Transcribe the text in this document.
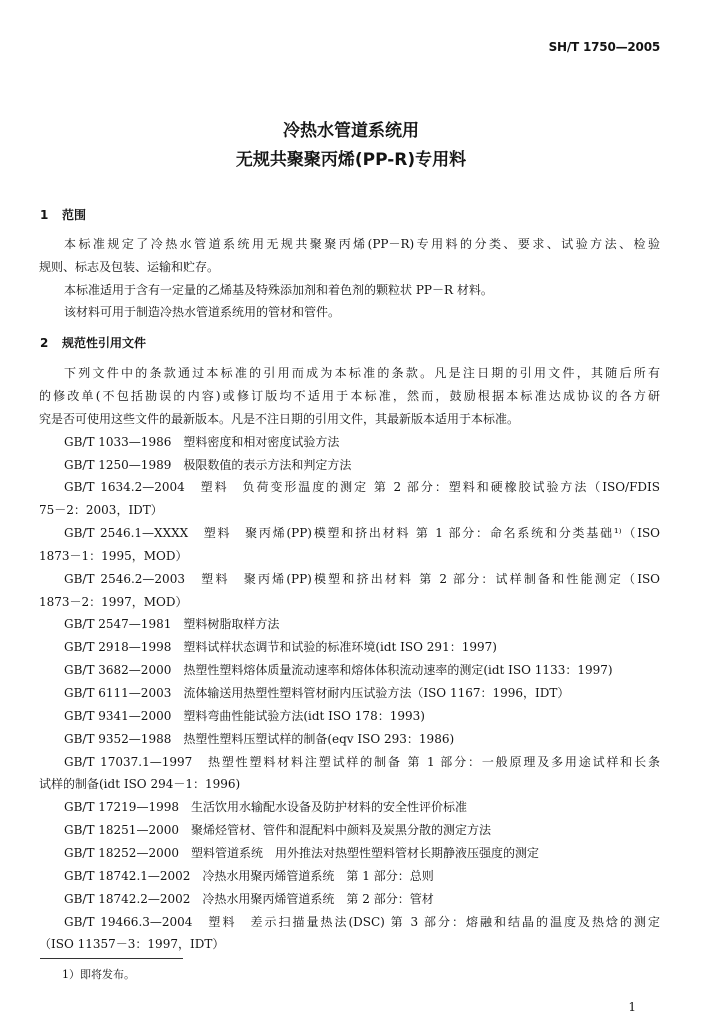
SH/T 1750—2005
冷热水管道系统用
无规共聚聚丙烯(PP-R)专用料
1 范围
本标准规定了冷热水管道系统用无规共聚聚丙烯(PP－R)专用料的分类、要求、试验方法、检验
规则、标志及包装、运输和贮存。
本标准适用于含有一定量的乙烯基及特殊添加剂和着色剂的颗粒状 PP－R 材料。
该材料可用于制造冷热水管道系统用的管材和管件。
2 规范性引用文件
下列文件中的条款通过本标准的引用而成为本标准的条款。凡是注日期的引用文件，其随后所有
的修改单(不包括勘误的内容)或修订版均不适用于本标准，然而，鼓励根据本标准达成协议的各方研
究是否可使用这些文件的最新版本。凡是不注日期的引用文件，其最新版本适用于本标准。
GB/T 1033—1986　塑料密度和相对密度试验方法
GB/T 1250—1989　极限数值的表示方法和判定方法
GB/T 1634.2—2004　塑料　负荷变形温度的测定 第 2 部分：塑料和硬橡胶试验方法（ISO/FDIS
75－2：2003，IDT）
GB/T 2546.1—XXXX　塑料　聚丙烯(PP)模塑和挤出材料 第 1 部分：命名系统和分类基础¹⁾（ISO
1873－1：1995，MOD）
GB/T 2546.2—2003　塑料　聚丙烯(PP)模塑和挤出材料 第 2 部分：试样制备和性能测定（ISO
1873－2：1997，MOD）
GB/T 2547—1981　塑料树脂取样方法
GB/T 2918—1998　塑料试样状态调节和试验的标准环境(idt ISO 291：1997)
GB/T 3682—2000　热塑性塑料熔体质量流动速率和熔体体积流动速率的测定(idt ISO 1133：1997)
GB/T 6111—2003　流体输送用热塑性塑料管材耐内压试验方法（ISO 1167：1996，IDT）
GB/T 9341—2000　塑料弯曲性能试验方法(idt ISO 178：1993)
GB/T 9352—1988　热塑性塑料压塑试样的制备(eqv ISO 293：1986)
GB/T 17037.1—1997　热塑性塑料材料注塑试样的制备 第 1 部分：一般原理及多用途试样和长条
试样的制备(idt ISO 294－1：1996)
GB/T 17219—1998　生活饮用水输配水设备及防护材料的安全性评价标准
GB/T 18251—2000　聚烯烃管材、管件和混配料中颜料及炭黑分散的测定方法
GB/T 18252—2000　塑料管道系统　用外推法对热塑性塑料管材长期静液压强度的测定
GB/T 18742.1—2002　冷热水用聚丙烯管道系统　第 1 部分：总则
GB/T 18742.2—2002　冷热水用聚丙烯管道系统　第 2 部分：管材
GB/T 19466.3—2004　塑料　差示扫描量热法(DSC) 第 3 部分：熔融和结晶的温度及热焓的测定
（ISO 11357－3：1997，IDT）
1）即将发布。
1
